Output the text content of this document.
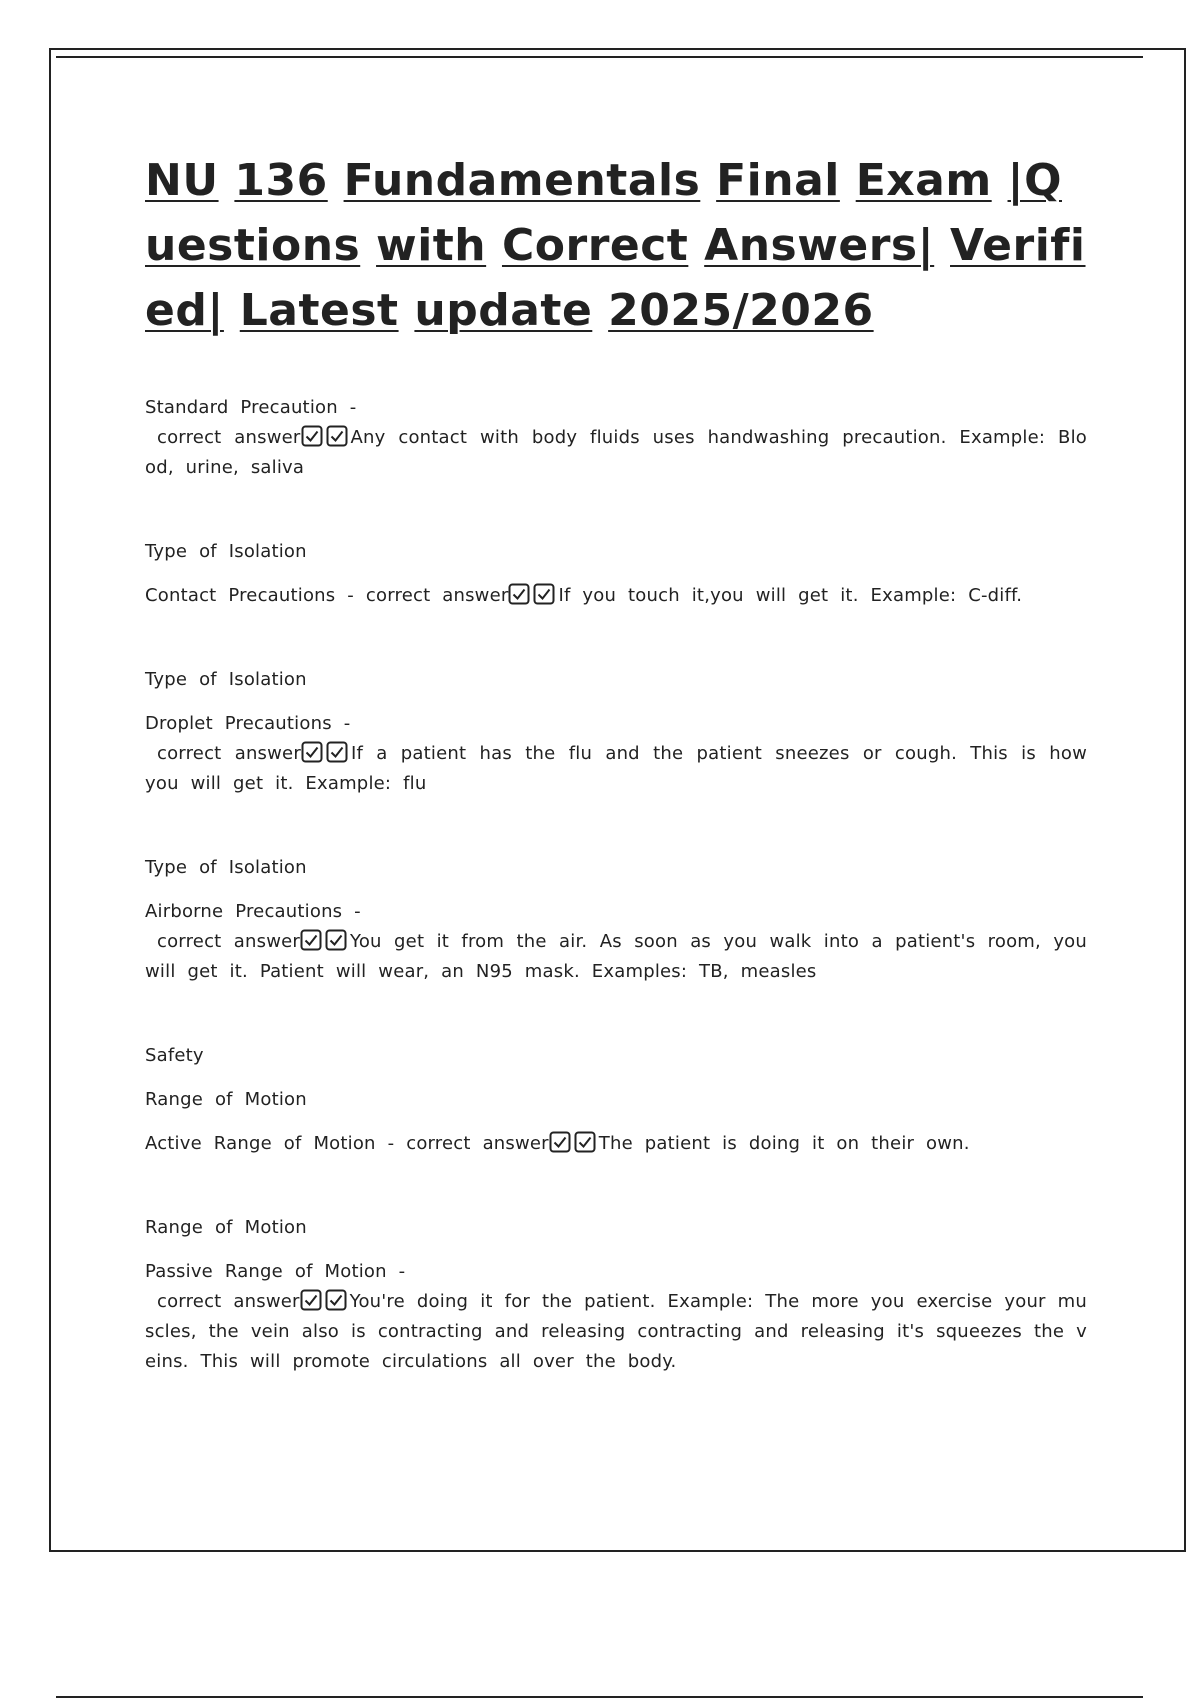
NU 136 Fundamentals Final Exam |Questions with Correct Answers| Verified| Latest update 2025/2026
Standard Precaution -
correct answer	Any contact with body fluids uses handwashing precaution. Example: Blood, urine, saliva
Type of Isolation
Contact Precautions - correct answer	If you touch it,you will get it. Example: C-diff.
Type of Isolation
Droplet Precautions -
correct answer	If a patient has the flu and the patient sneezes or cough. This is how you will get it. Example: flu
Type of Isolation
Airborne Precautions -
correct answer	You get it from the air. As soon as you walk into a patient's room, you will get it. Patient will wear, an N95 mask. Examples: TB, measles
Safety
Range of Motion
Active Range of Motion - correct answer	The patient is doing it on their own.
Range of Motion
Passive Range of Motion -
correct answer	You're doing it for the patient. Example: The more you exercise your muscles, the vein also is contracting and releasing contracting and releasing it's squeezes the veins. This will promote circulations all over the body.
